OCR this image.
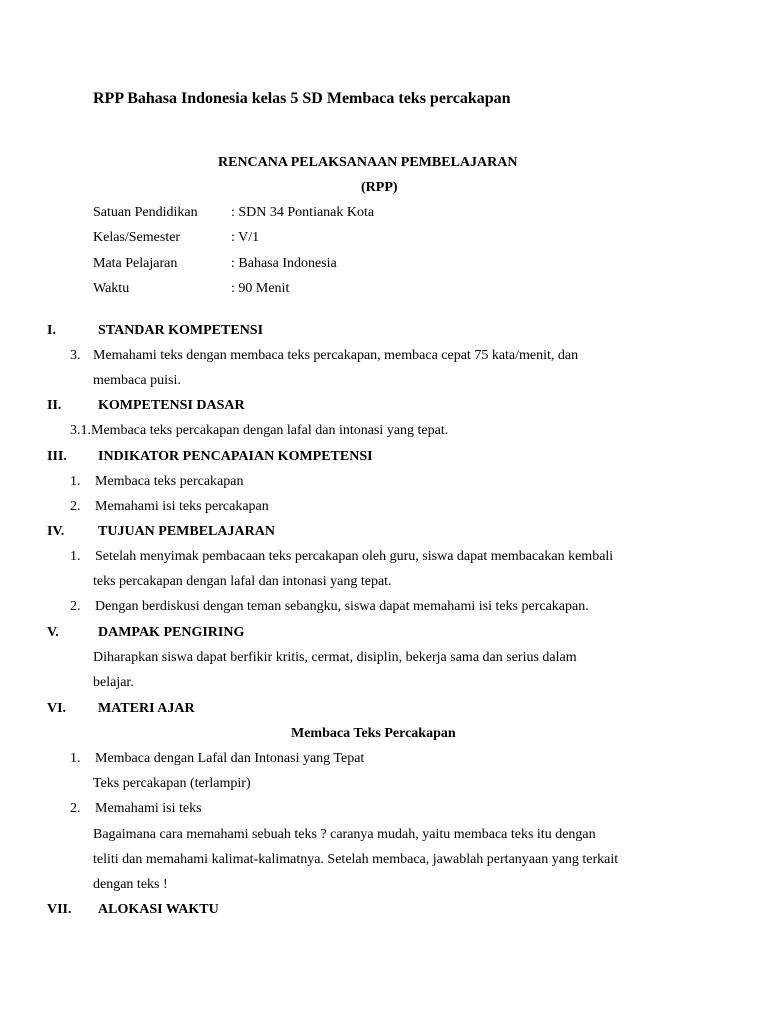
RPP Bahasa Indonesia kelas 5 SD Membaca teks percakapan
RENCANA PELAKSANAAN PEMBELAJARAN
(RPP)
Satuan Pendidikan : SDN 34 Pontianak Kota
Kelas/Semester	: V/1
Mata Pelajaran	: Bahasa Indonesia
Waktu	: 90 Menit
I.	STANDAR KOMPETENSI
3. Memahami teks dengan membaca teks percakapan, membaca cepat 75 kata/menit, dan
membaca puisi.
II.	KOMPETENSI DASAR
3.1.Membaca teks percakapan dengan lafal dan intonasi yang tepat.
III. INDIKATOR PENCAPAIAN KOMPETENSI
1. Membaca teks percakapan
2. Memahami isi teks percakapan
IV. TUJUAN PEMBELAJARAN
1. Setelah menyimak pembacaan teks percakapan oleh guru, siswa dapat membacakan kembali
teks percakapan dengan lafal dan intonasi yang tepat.
2. Dengan berdiskusi dengan teman sebangku, siswa dapat memahami isi teks percakapan.
V.	DAMPAK PENGIRING
Diharapkan siswa dapat berfikir kritis, cermat, disiplin, bekerja sama dan serius dalam
belajar.
VI. MATERI AJAR
Membaca Teks Percakapan
1. Membaca dengan Lafal dan Intonasi yang Tepat
Teks percakapan (terlampir)
2. Memahami isi teks
Bagaimana cara memahami sebuah teks ? caranya mudah, yaitu membaca teks itu dengan
teliti dan memahami kalimat-kalimatnya. Setelah membaca, jawablah pertanyaan yang terkait
dengan teks !
VII. ALOKASI WAKTU
